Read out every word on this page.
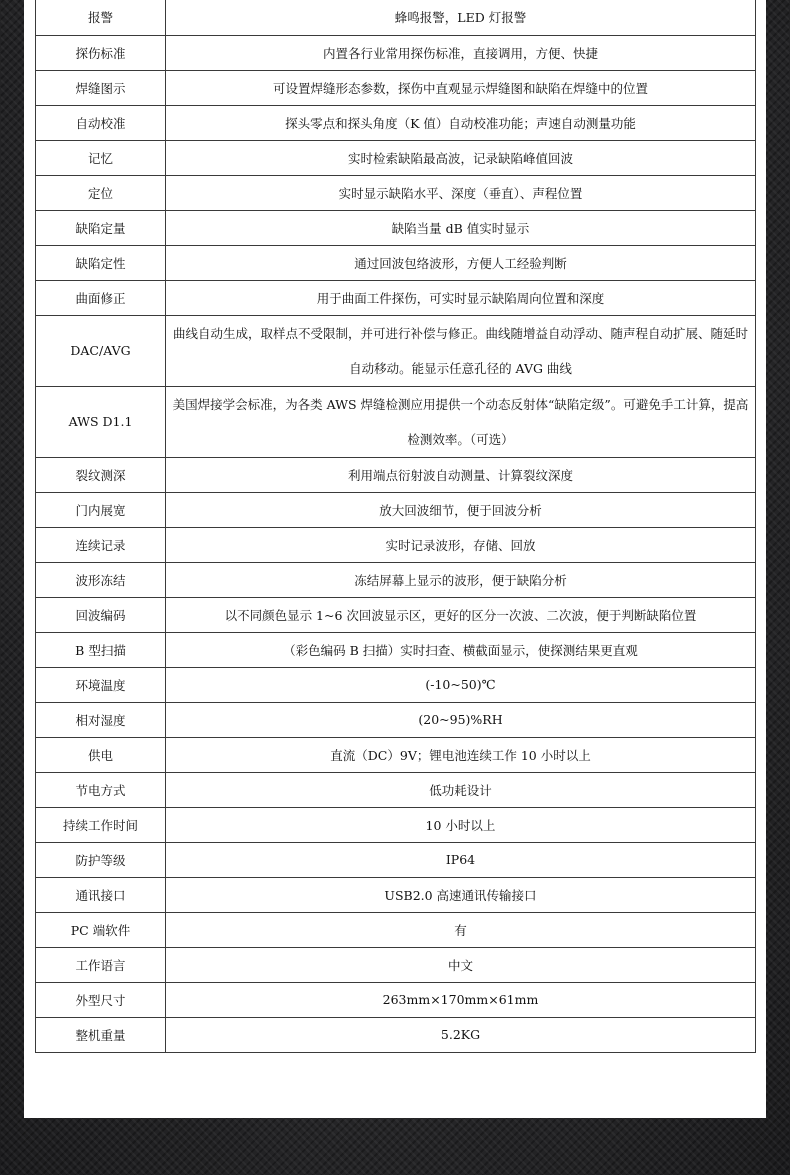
报警	蜂鸣报警，LED 灯报警
探伤标准	内置各行业常用探伤标准，直接调用，方便、快捷
焊缝图示	可设置焊缝形态参数，探伤中直观显示焊缝图和缺陷在焊缝中的位置
自动校准	探头零点和探头角度（K 值）自动校准功能；声速自动测量功能
记忆	实时检索缺陷最高波，记录缺陷峰值回波
定位	实时显示缺陷水平、深度（垂直）、声程位置
缺陷定量	缺陷当量 dB 值实时显示
缺陷定性	通过回波包络波形，方便人工经验判断
曲面修正	用于曲面工件探伤，可实时显示缺陷周向位置和深度
DAC/AVG	曲线自动生成，取样点不受限制，并可进行补偿与修正。曲线随增益自动浮动、随声程自动扩展、随延时自动移动。能显示任意孔径的 AVG 曲线
AWS D1.1	美国焊接学会标准，为各类 AWS 焊缝检测应用提供一个动态反射体“缺陷定级”。可避免手工计算，提高检测效率。（可选）
裂纹测深	利用端点衍射波自动测量、计算裂纹深度
门内展宽	放大回波细节，便于回波分析
连续记录	实时记录波形，存储、回放
波形冻结	冻结屏幕上显示的波形，便于缺陷分析
回波编码	以不同颜色显示 1~6 次回波显示区，更好的区分一次波、二次波，便于判断缺陷位置
B 型扫描	（彩色编码 B 扫描）实时扫查、横截面显示，使探测结果更直观
环境温度	(-10~50)℃
相对湿度	(20~95)%RH
供电	直流（DC）9V；锂电池连续工作 10 小时以上
节电方式	低功耗设计
持续工作时间	10 小时以上
防护等级	IP64
通讯接口	USB2.0 高速通讯传输接口
PC 端软件	有
工作语言	中文
外型尺寸	263mm×170mm×61mm
整机重量	5.2KG
